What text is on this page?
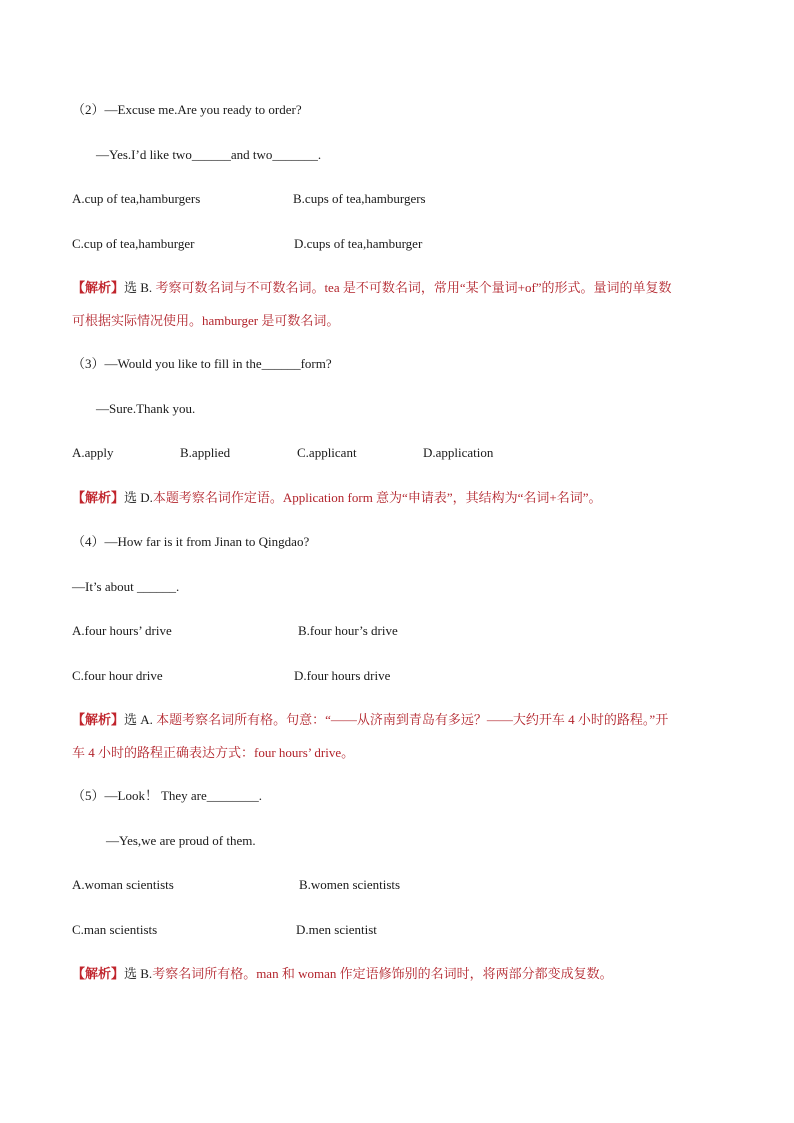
（2）—Excuse me.Are you ready to order?
—Yes.I’d like two______and two_______.
A.cup of tea,hamburgers	B.cups of tea,hamburgers
C.cup of tea,hamburger	D.cups of tea,hamburger
【解析】选 B. 考察可数名词与不可数名词。tea 是不可数名词，常用“某个量词+of”的形式。量词的单复数
可根据实际情况使用。hamburger 是可数名词。
（3）—Would you like to fill in the______form?
—Sure.Thank you.
A.apply	B.applied	C.applicant	D.application
【解析】选 D.本题考察名词作定语。Application form 意为“申请表”，其结构为“名词+名词”。
（4）—How far is it from Jinan to Qingdao?
—It’s about ______.
A.four hours’ drive	B.four hour’s drive
C.four hour drive	D.four hours drive
【解析】选 A. 本题考察名词所有格。句意：“——从济南到青岛有多远？——大约开车 4 小时的路程。”开
车 4 小时的路程正确表达方式：four hours’ drive。
（5）—Look！ They are________.
—Yes,we are proud of them.
A.woman scientists	B.women scientists
C.man scientists	D.men scientist
【解析】选 B.考察名词所有格。man 和 woman 作定语修饰别的名词时，将两部分都变成复数。
